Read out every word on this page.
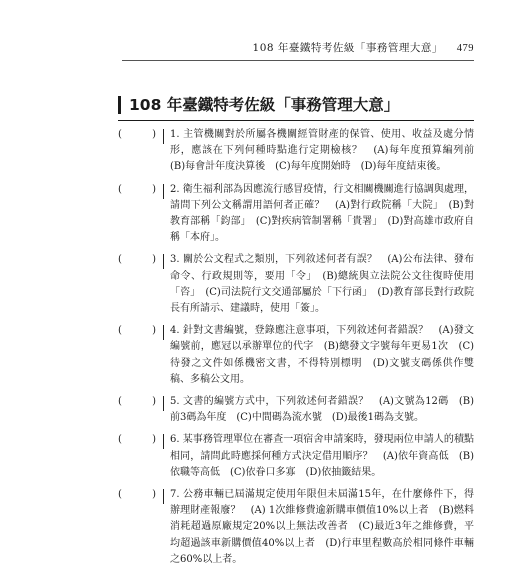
108 年臺鐵特考佐級「事務管理大意」 479
108 年臺鐵特考佐級「事務管理大意」
(	) 1. 主管機關對於所屬各機關經管財產的保管、使用、收益及處分情形，應該在下列何種時點進行定期檢核？　(A)每年度預算編列前　(B)每會計年度決算後　(C)每年度開始時　(D)每年度結束後。
(	) 2. 衛生福利部為因應流行感冒疫情，行文相關機關進行協調與處理，請問下列公文稱謂用語何者正確？　(A)對行政院稱「大院」　(B)對教育部稱「鈞部」　(C)對疾病管制署稱「貴署」　(D)對高雄市政府自稱「本府」。
(	) 3. 關於公文程式之類別，下列敘述何者有誤？　(A)公布法律、發布命令、行政規則等，要用「令」　(B)總統與立法院公文往復時使用「咨」　(C)司法院行文交通部屬於「下行函」　(D)教育部長對行政院長有所請示、建議時，使用「簽」。
(	) 4. 針對文書編號，登錄應注意事項，下列敘述何者錯誤？　(A)發文編號前，應冠以承辦單位的代字　(B)總發文字號每年更易1次　(C)待發之文件如係機密文書，不得特別標明　(D)文號支碼係供作雙稿、多稿公文用。
(	) 5. 文書的編號方式中，下列敘述何者錯誤？　(A)文號為12碼　(B)前3碼為年度　(C)中間碼為流水號　(D)最後1碼為支號。
(	) 6. 某事務管理單位在審查一項宿舍申請案時，發現兩位申請人的積點相同，請問此時應採何種方式決定借用順序？　(A)依年資高低　(B)依職等高低　(C)依眷口多寡　(D)依抽籤結果。
(	) 7. 公務車輛已屆滿規定使用年限但未屆滿15年，在什麼條件下，得辦理財產報廢？　(A) 1次維修費逾新購車價值10%以上者　(B)燃料消耗超過原廠規定20%以上無法改善者　(C)最近3年之維修費，平均超過該車新購價值40%以上者　(D)行車里程數高於相同條件車輛之60%以上者。
